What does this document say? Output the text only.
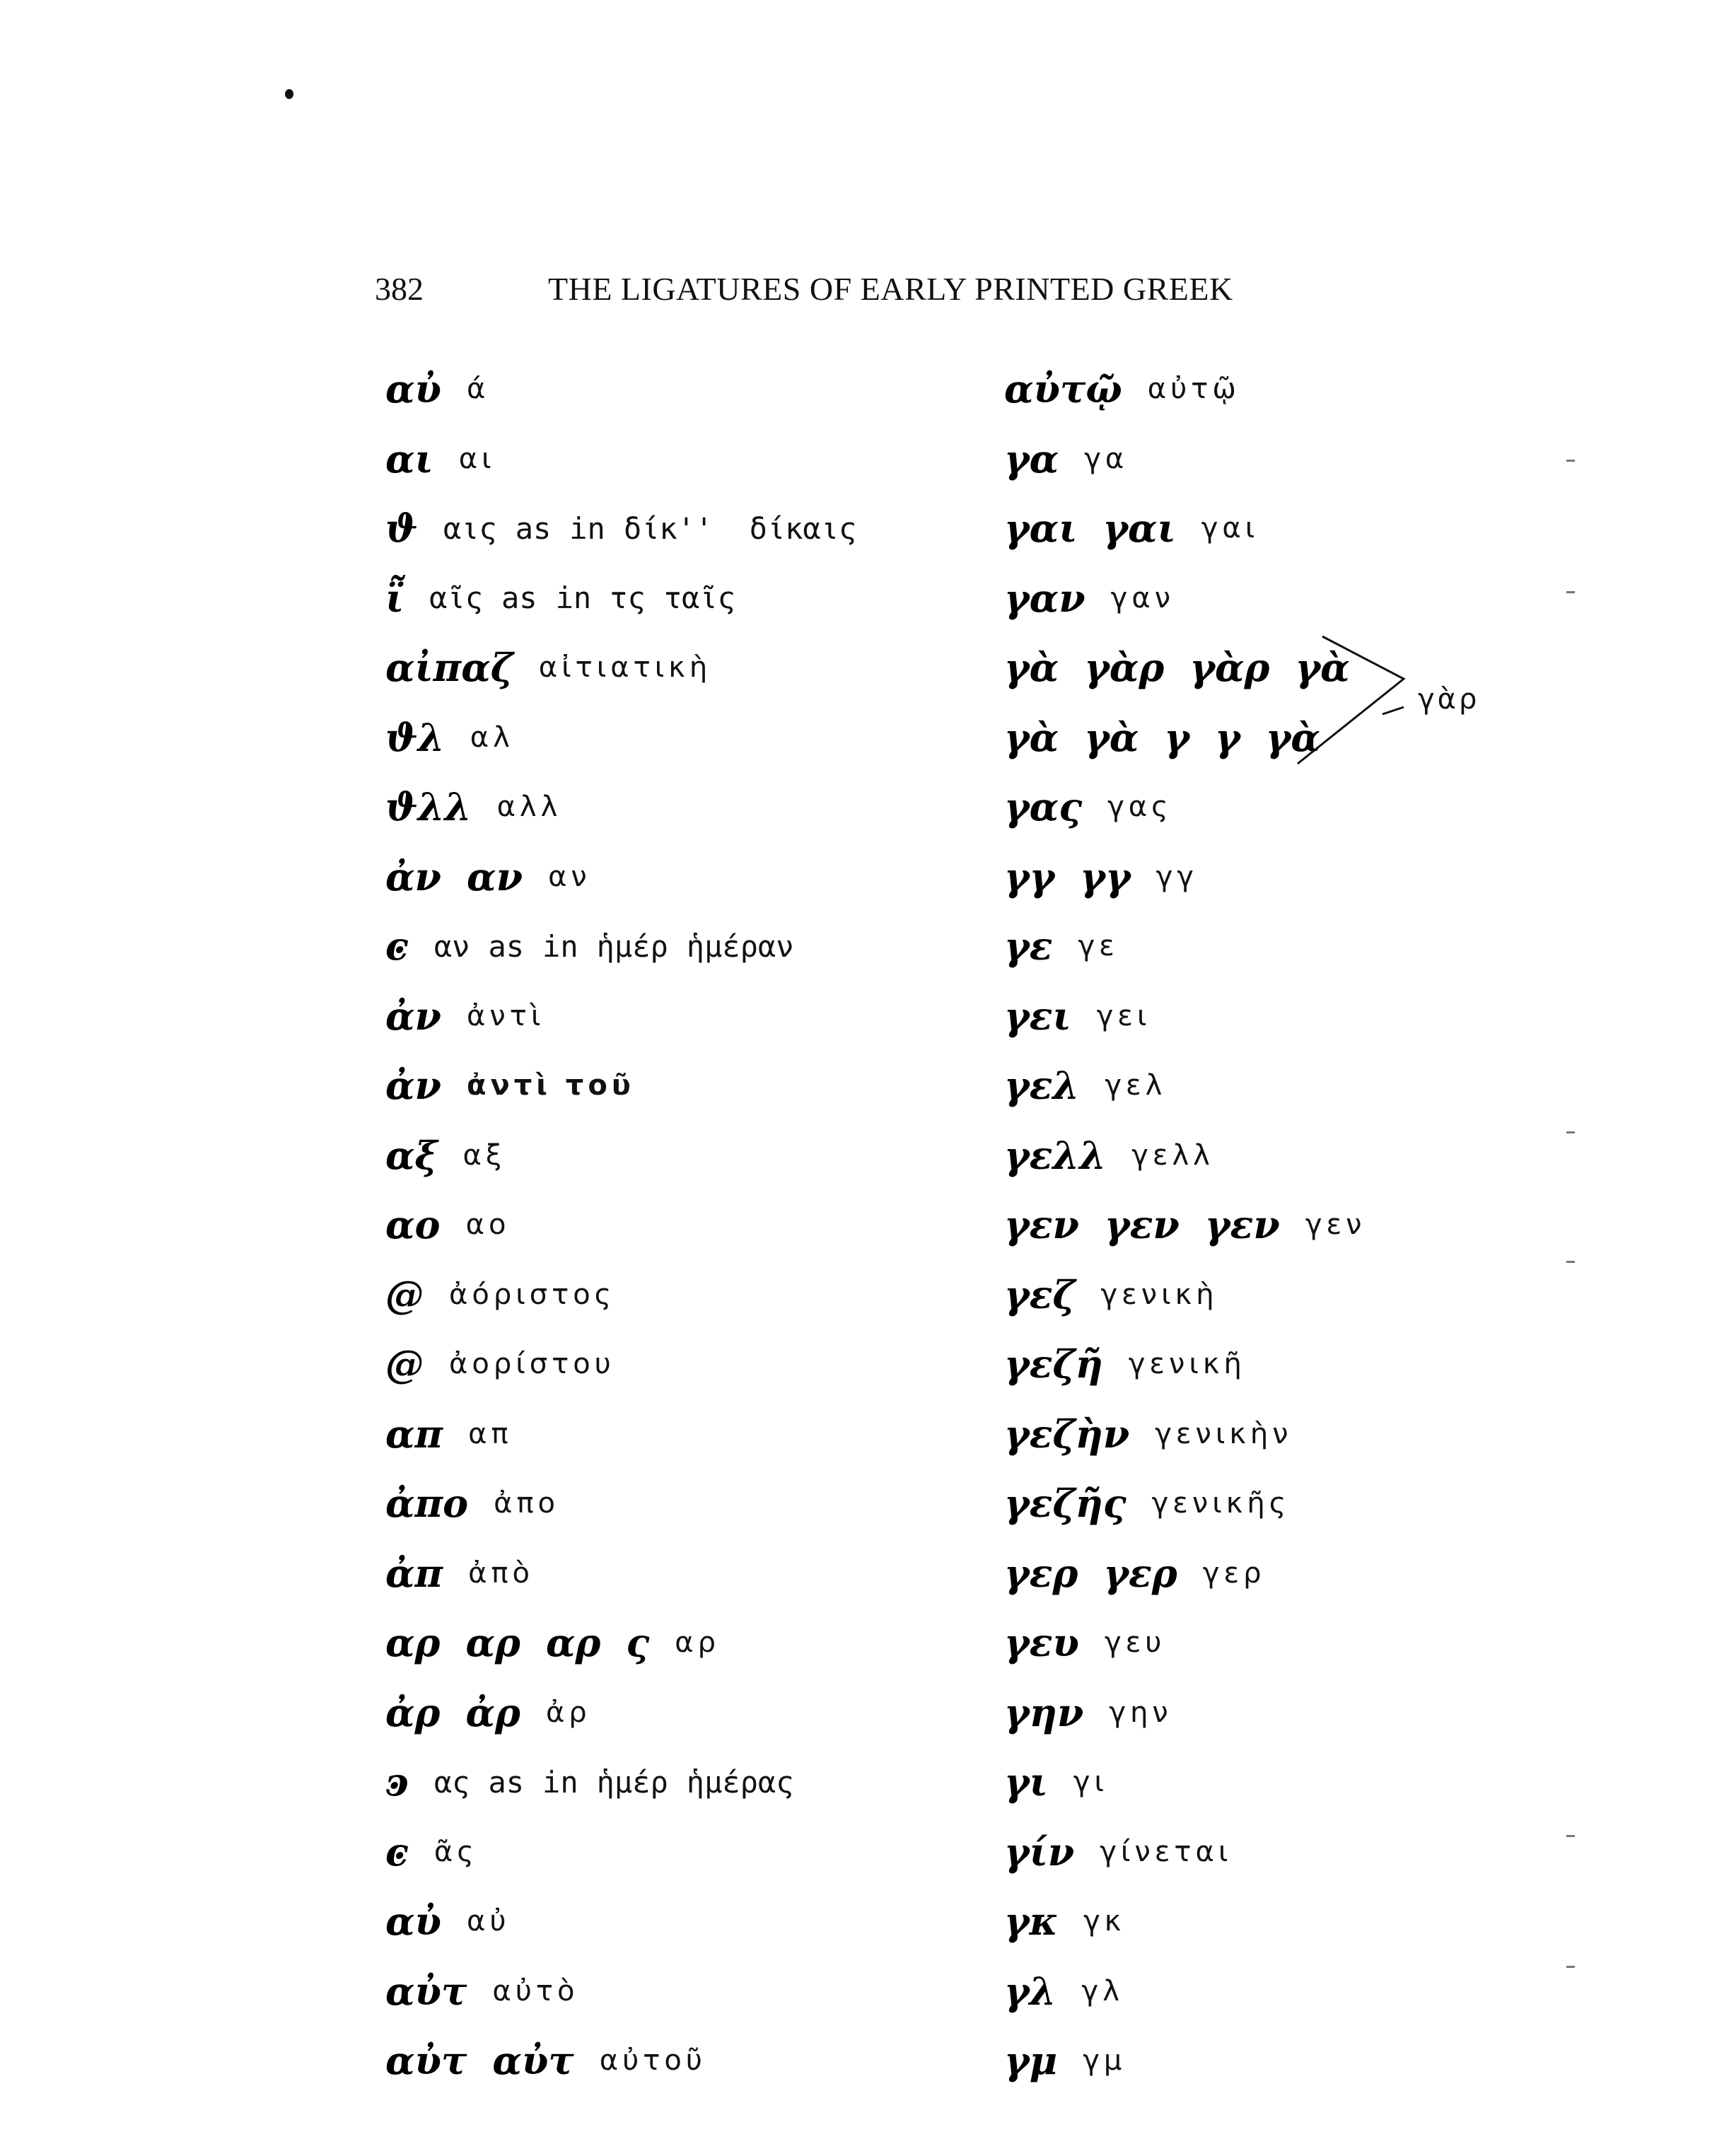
382	THE LIGATURES OF EARLY PRINTED GREEK
αὐ ά
αι αι
ϑ αις as in δίκ'' δίκαις
ῗ αῖς as in τς ταῖς
αἰπαζ αἰτιατικὴ
ϑλ αλ
ϑλλ αλλ
ἀν αν αν
ͼ αν as in ἡμέρ ἡμέραν
ἀν ἀντὶ
ἀν ἀντὶ τοῦ
αξ αξ
αο αο
@ ἀόριστος
@ ἀορίστου
απ απ
ἀπο ἀπο
ἀπ ἀπὸ
αρ αρ αρ ς αρ
ἀρ ἀρ ἀρ
ͽ ας as in ἡμέρ ἡμέρας
ͼ ᾶς
αὐ αὐ
αὐτ αὐτὸ
αὐτ αὐτ αὐτοῦ
αὐτῷ αὐτῷ
γα γα
γαι γαι γαι
γαν γαν
γὰ γὰρ γὰρ γὰ
γὰ γὰ γ γ γὰ
γας γας
γγ γγ γγ
γε γε
γει γει
γελ γελ
γελλ γελλ
γεν γεν γεν γεν
γεζ γενικὴ
γεζῆ γενικῆ
γεζὴν γενικὴν
γεζῆς γενικῆς
γερ γερ γερ
γευ γευ
γην γην
γι γι
γίν γίνεται
γκ γκ
γλ γλ
γμ γμ
γὰρ
